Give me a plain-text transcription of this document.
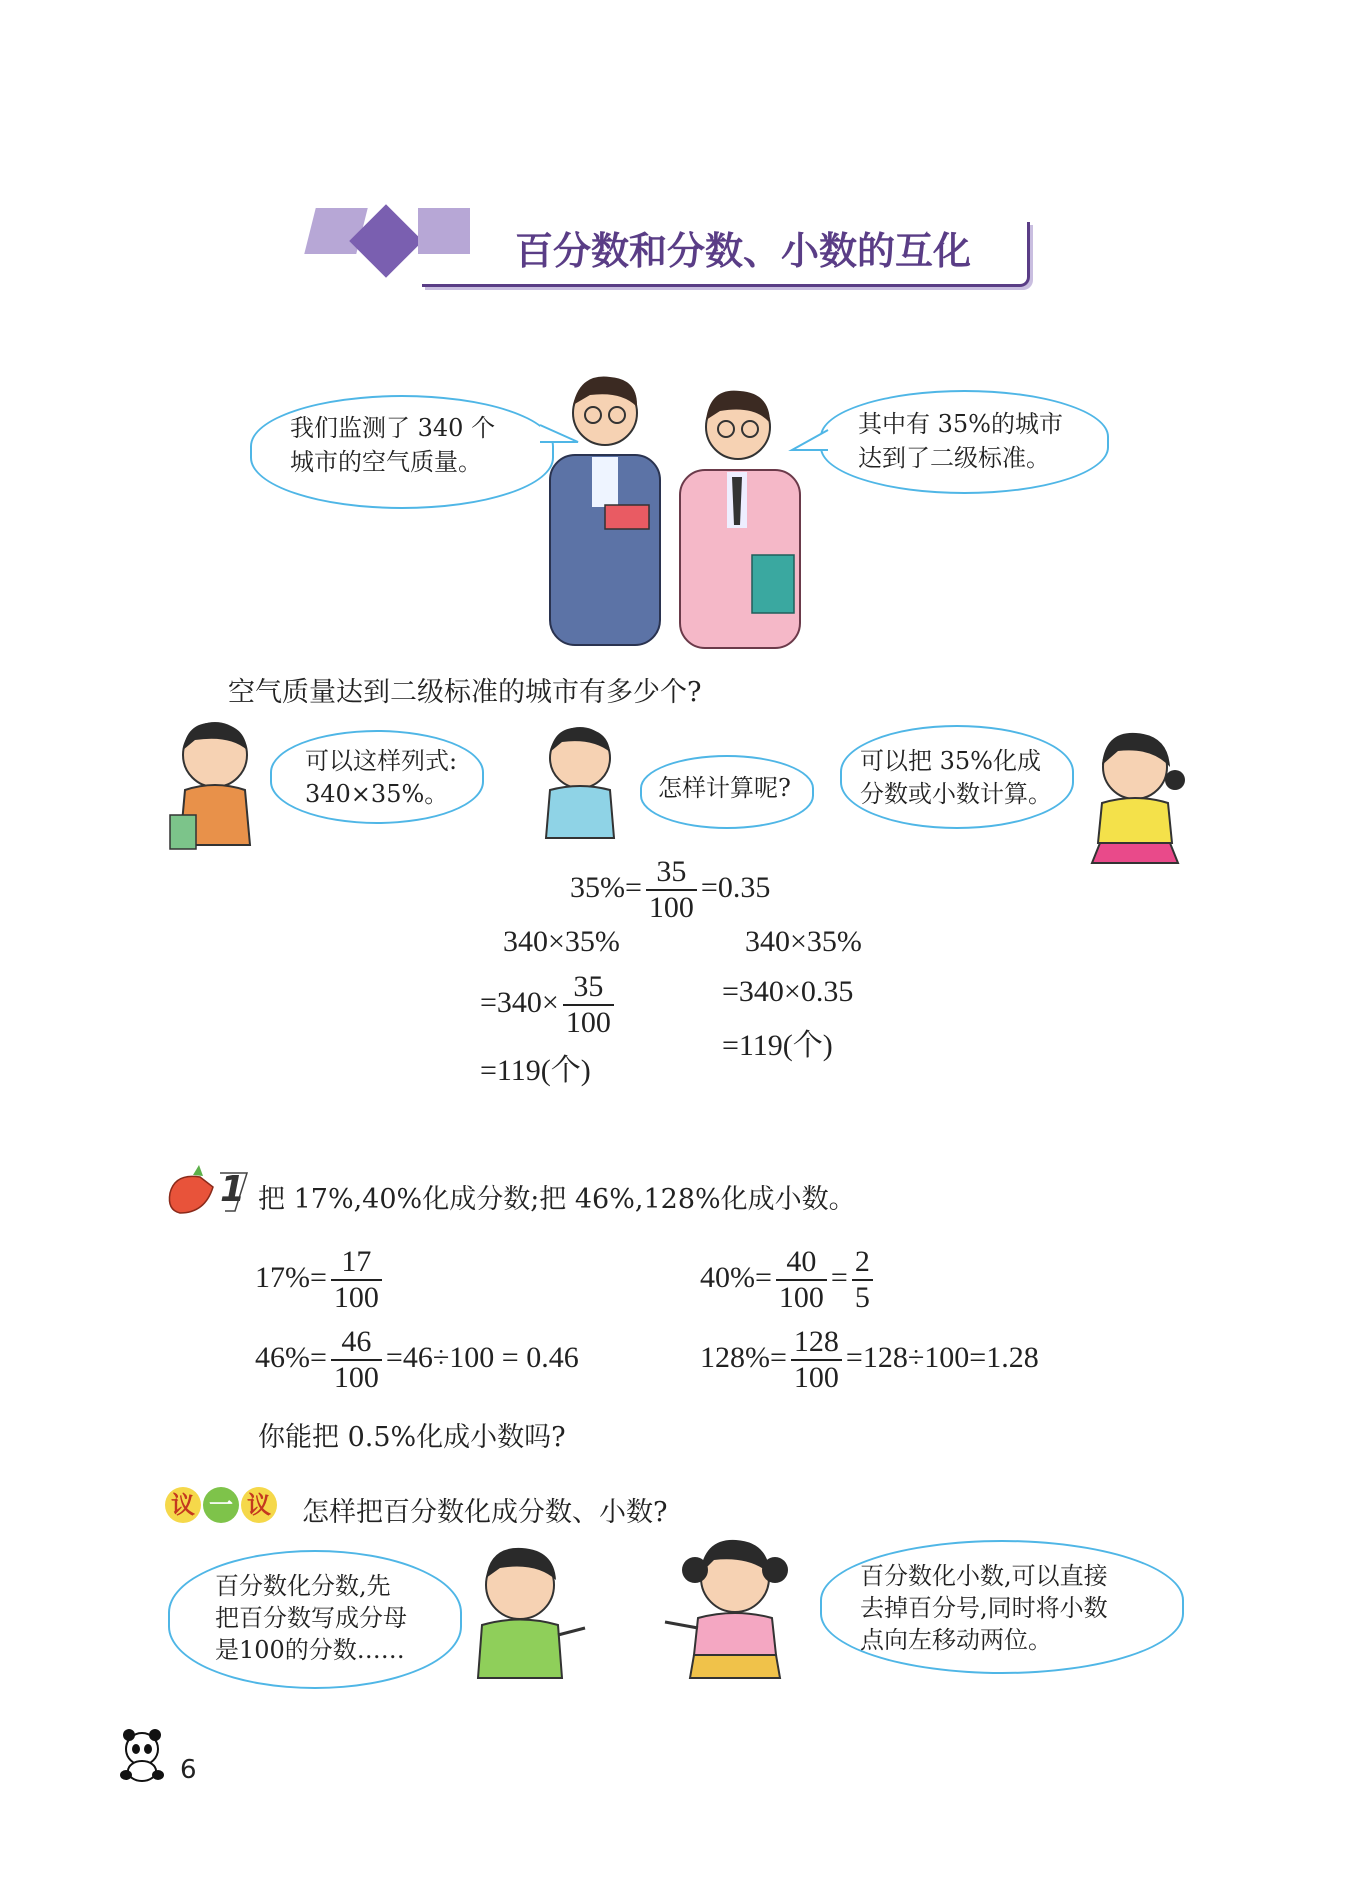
百分数和分数、小数的互化
我们监测了 340 个
城市的空气质量。
其中有 35%的城市
达到了二级标准。
空气质量达到二级标准的城市有多少个?
可以这样列式:
340×35%。	怎样计算呢?
可以把 35%化成
分数或小数计算。
$35\%= \frac{35}{100} =0.35$
340×35%
$=340\times \frac{35}{100}$
=119(个)
340×35%
=340×0.35
=119(个)
1 把 17%,40%化成分数;把 46%,128%化成小数。
$17\%= \frac{17}{100}$	$40\%= \frac{40}{100} = \frac{2}{5}$
$46\%= \frac{46}{100} =46\div 100 = 0.46$	$128\%= \frac{128}{100} =128\div 100=1.28$
你能把 0.5%化成小数吗?
议 一 议 怎样把百分数化成分数、小数?
百分数化分数,先
把百分数写成分母
是100的分数……
百分数化小数,可以直接
去掉百分号,同时将小数
点向左移动两位。
6
